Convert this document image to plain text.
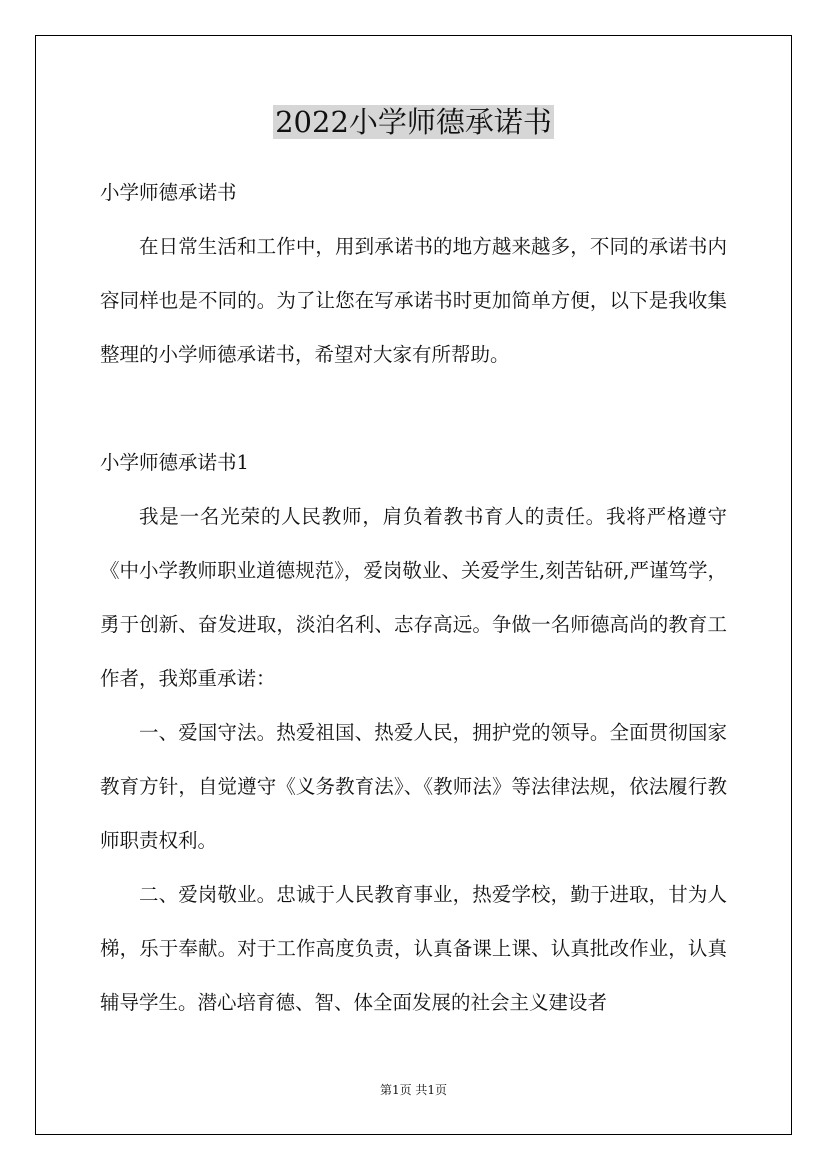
2022小学师德承诺书

小学师德承诺书

在日常生活和工作中，用到承诺书的地方越来越多，不同的承诺书内容同样也是不同的。为了让您在写承诺书时更加简单方便，以下是我收集整理的小学师德承诺书，希望对大家有所帮助。

小学师德承诺书1

我是一名光荣的人民教师，肩负着教书育人的责任。我将严格遵守《中小学教师职业道德规范》，爱岗敬业、关爱学生,刻苦钻研,严谨笃学，勇于创新、奋发进取，淡泊名利、志存高远。争做一名师德高尚的教育工作者，我郑重承诺：

一、爱国守法。热爱祖国、热爱人民，拥护党的领导。全面贯彻国家教育方针，自觉遵守《义务教育法》、《教师法》等法律法规，依法履行教师职责权利。

二、爱岗敬业。忠诚于人民教育事业，热爱学校，勤于进取，甘为人梯，乐于奉献。对于工作高度负责，认真备课上课、认真批改作业，认真辅导学生。潜心培育德、智、体全面发展的社会主义建设者

第1页 共1页
